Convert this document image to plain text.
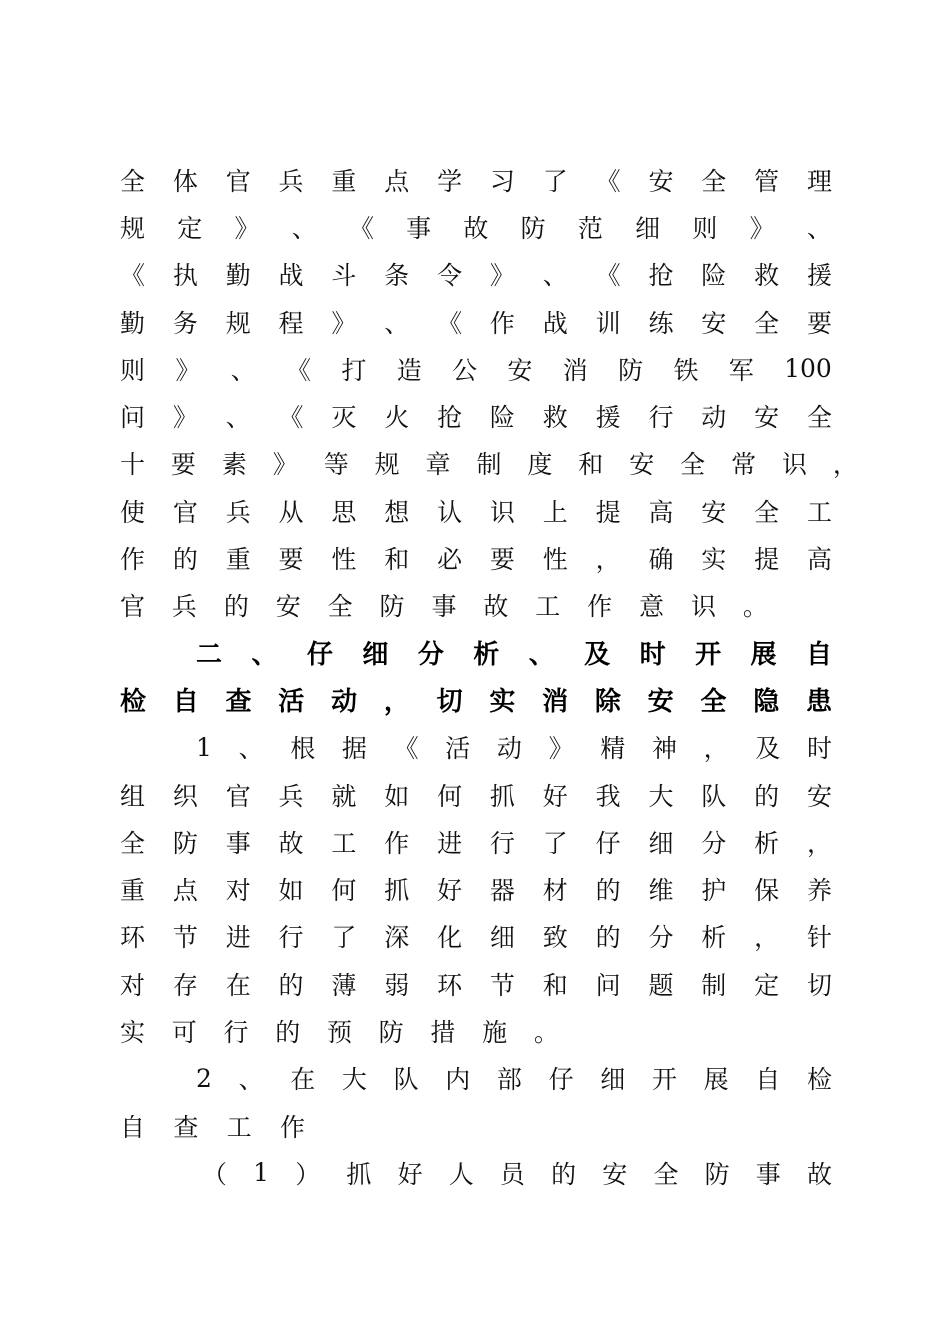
全 体 官 兵 重 点 学 习 了 《 安 全 管 理
规 定 》 、 《 事 故 防 范 细 则 》 、
《 执 勤 战 斗 条 令 》 、 《 抢 险 救 援
勤 务 规 程 》 、 《 作 战 训 练 安 全 要
则 》 、 《 打 造 公 安 消 防 铁 军 100
问 》 、 《 灭 火 抢 险 救 援 行 动 安 全
十 要 素 》 等 规 章 制 度 和 安 全 常 识 ，
使 官 兵 从 思 想 认 识 上 提 高 安 全 工
作 的 重 要 性 和 必 要 性 ， 确 实 提 高
官 兵 的 安 全 防 事 故 工 作 意 识 。
二 、 仔 细 分 析 、 及 时 开 展 自
检 自 查 活 动 ， 切 实 消 除 安 全 隐 患
1 、 根 据 《 活 动 》 精 神 ， 及 时
组 织 官 兵 就 如 何 抓 好 我 大 队 的 安
全 防 事 故 工 作 进 行 了 仔 细 分 析 ，
重 点 对 如 何 抓 好 器 材 的 维 护 保 养
环 节 进 行 了 深 化 细 致 的 分 析 ， 针
对 存 在 的 薄 弱 环 节 和 问 题 制 定 切
实 可 行 的 预 防 措 施 。
2 、 在 大 队 内 部 仔 细 开 展 自 检
自 查 工 作
（ 1 ） 抓 好 人 员 的 安 全 防 事 故
